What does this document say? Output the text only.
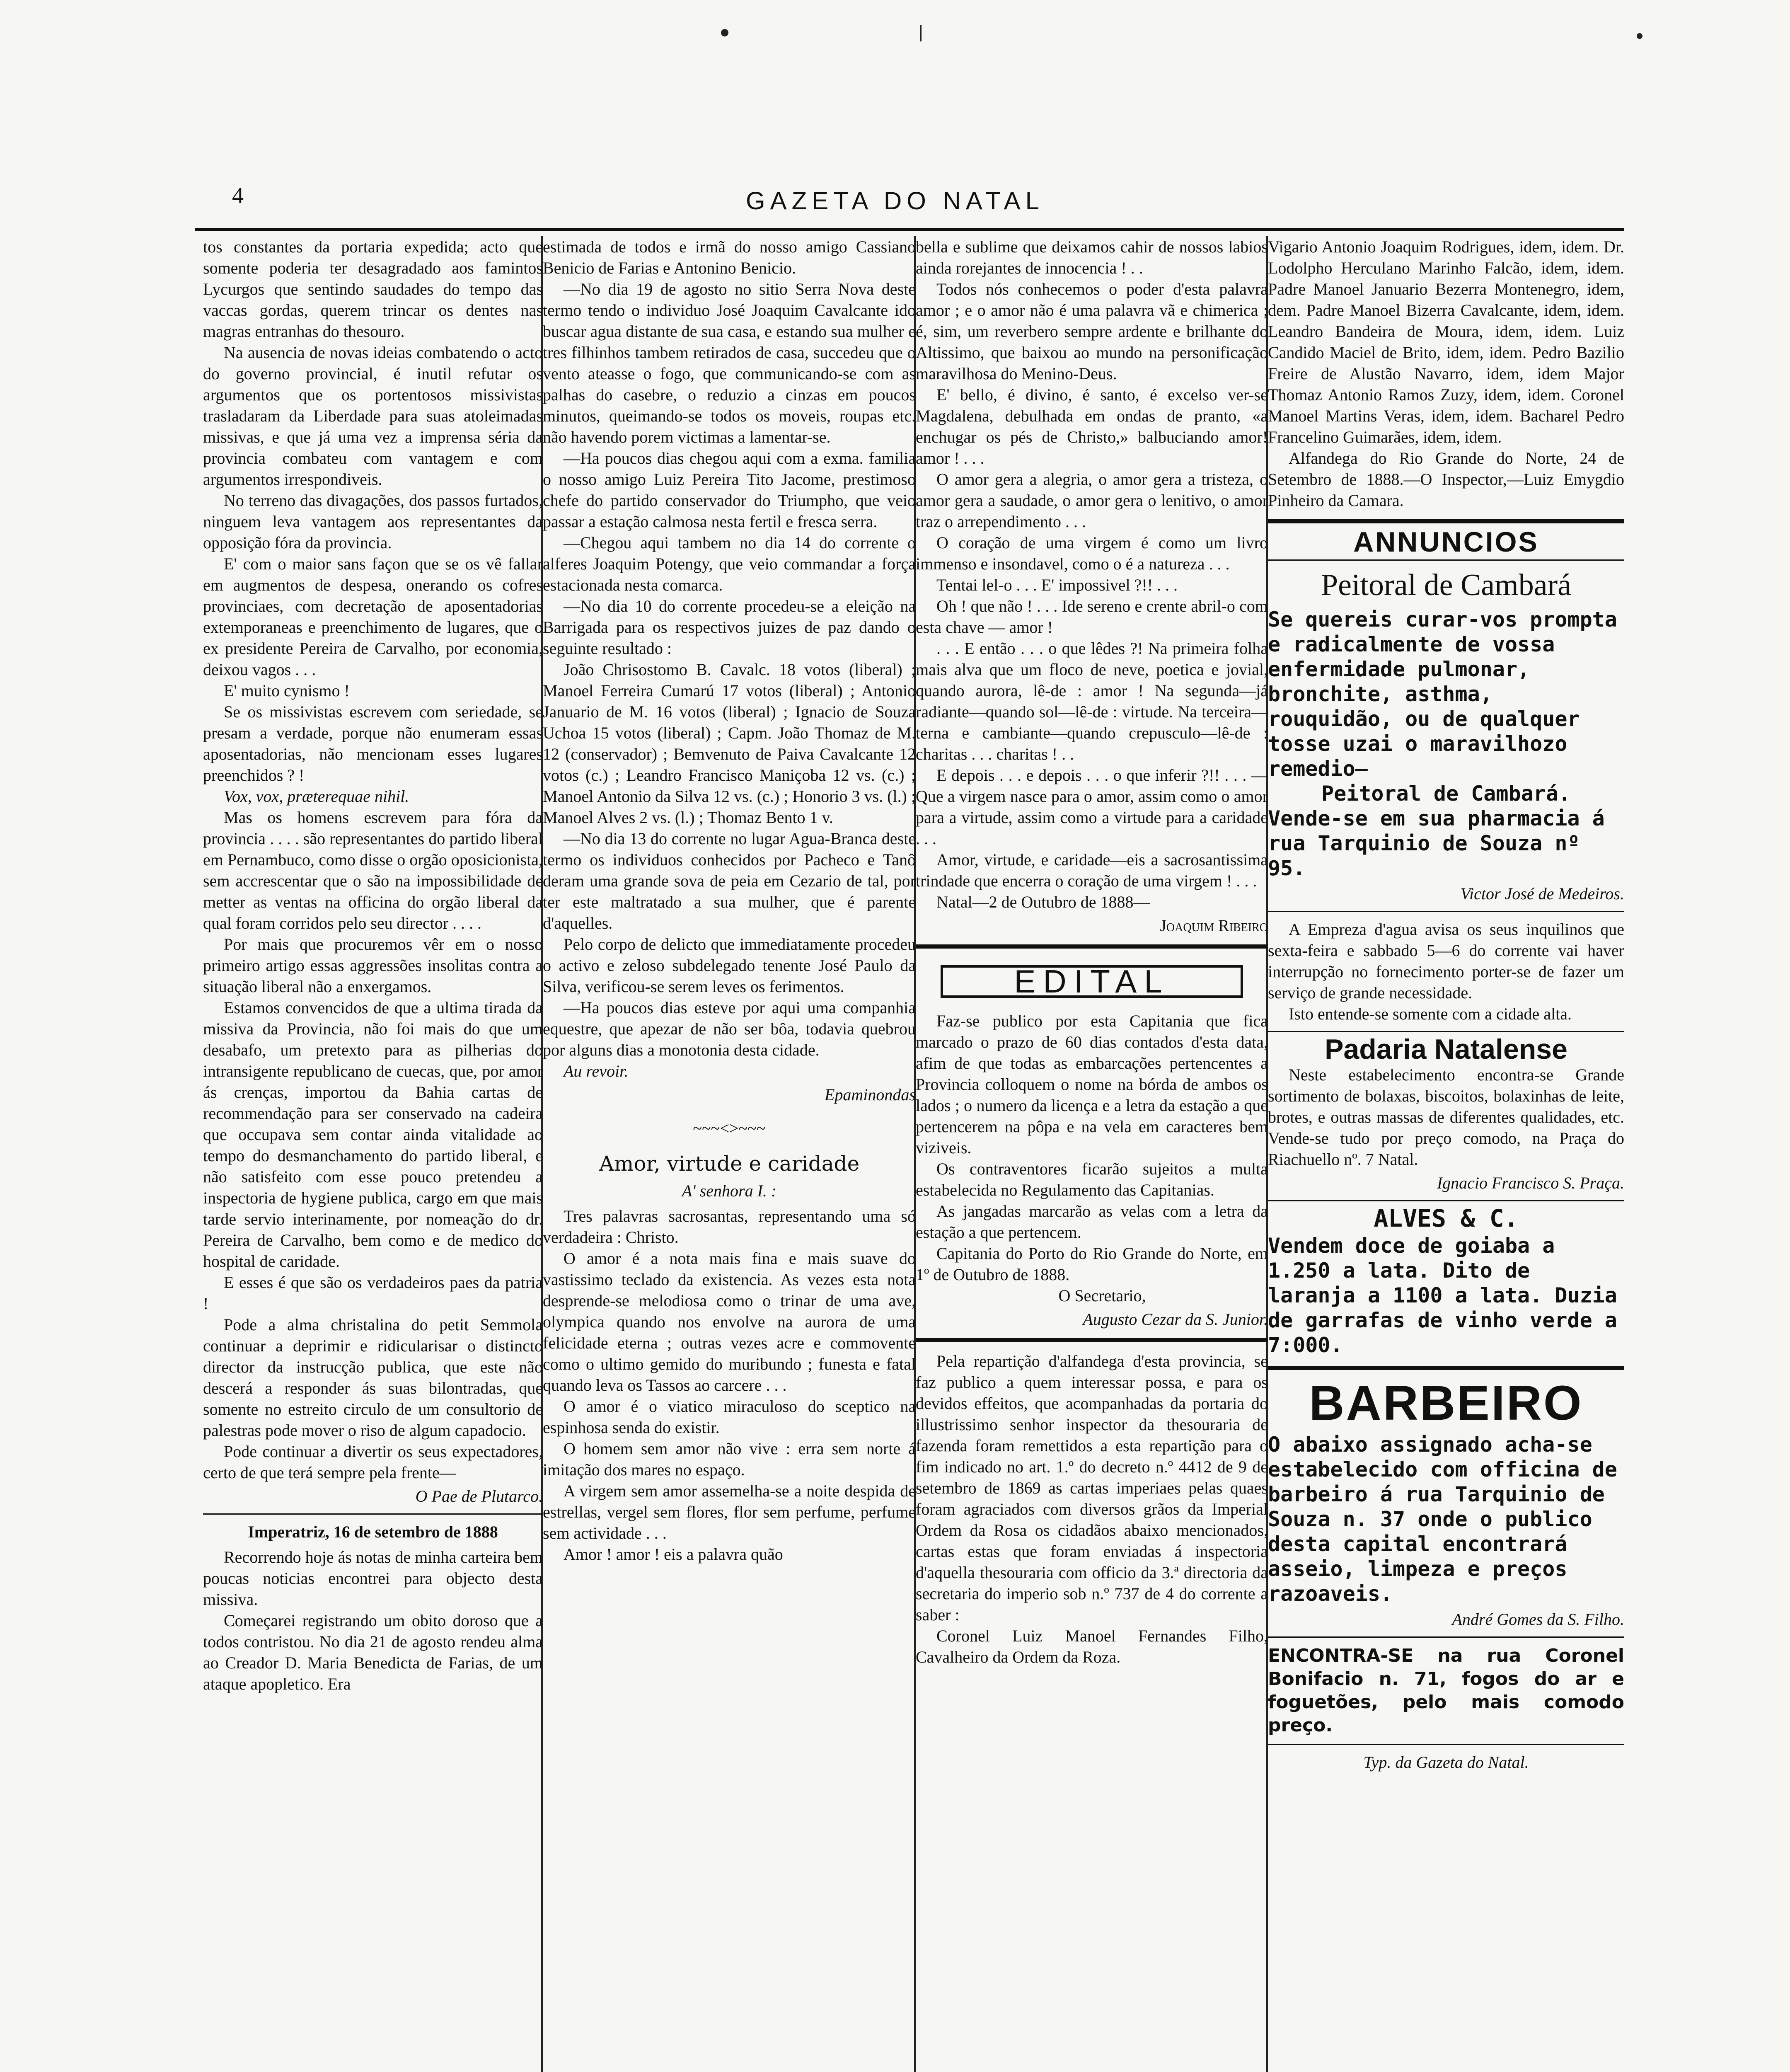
4	GAZETA DO NATAL

tos constantes da portaria expedida; acto que somente poderia ter desagradado aos famintos Lycurgos que sentindo saudades do tempo das vaccas gordas, querem trincar os dentes nas magras entranhas do thesouro.

Na ausencia de novas ideias combatendo o acto do governo provincial, é inutil refutar os argumentos que os portentosos missivistas trasladaram da Liberdade para suas atoleimadas missivas, e que já uma vez a imprensa séria da provincia combateu com vantagem e com argumentos irrespondiveis.

No terreno das divagações, dos passos furtados, ninguem leva vantagem aos representantes da opposição fóra da provincia.

E' com o maior sans façon que se os vê fallar em augmentos de despesa, onerando os cofres provinciaes, com decretação de aposentadorias extemporaneas e preenchimento de lugares, que o ex presidente Pereira de Carvalho, por economia, deixou vagos . . .

E' muito cynismo !

Se os missivistas escrevem com seriedade, se presam a verdade, porque não enumeram essas aposentadorias, não mencionam esses lugares preenchidos ? !

Vox, vox, præterequae nihil.

Mas os homens escrevem para fóra da provincia . . . . são representantes do partido liberal em Pernambuco, como disse o orgão oposicionista, sem accrescentar que o são na impossibilidade de metter as ventas na officina do orgão liberal da qual foram corridos pelo seu director . . . .

Por mais que procuremos vêr em o nosso primeiro artigo essas aggressões insolitas contra a situação liberal não a enxergamos.

Estamos convencidos de que a ultima tirada da missiva da Provincia, não foi mais do que um desabafo, um pretexto para as pilherias do intransigente republicano de cuecas, que, por amor ás crenças, importou da Bahia cartas de recommendação para ser conservado na cadeira que occupava sem contar ainda vitalidade ao tempo do desmanchamento do partido liberal, e não satisfeito com esse pouco pretendeu a inspectoria de hygiene publica, cargo em que mais tarde servio interinamente, por nomeação do dr. Pereira de Carvalho, bem como e de medico do hospital de caridade.

E esses é que são os verdadeiros paes da patria !

Pode a alma christalina do petit Semmola continuar a deprimir e ridicularisar o distincto director da instrucção publica, que este não descerá a responder ás suas bilontradas, que somente no estreito circulo de um consultorio de palestras pode mover o riso de algum capadocio.

Pode continuar a divertir os seus expectadores, certo de que terá sempre pela frente—

O Pae de Plutarco.
Imperatriz, 16 de setembro de 1888

Recorrendo hoje ás notas de minha carteira bem poucas noticias encontrei para objecto desta missiva.

Começarei registrando um obito doroso que a todos contristou. No dia 21 de agosto rendeu alma ao Creador D. Maria Benedicta de Farias, de um ataque apopletico. Era

estimada de todos e irmã do nosso amigo Cassiano Benicio de Farias e Antonino Benicio.

—No dia 19 de agosto no sitio Serra Nova deste termo tendo o individuo José Joaquim Cavalcante ido buscar agua distante de sua casa, e estando sua mulher e tres filhinhos tambem retirados de casa, succedeu que o vento ateasse o fogo, que communicando-se com as palhas do casebre, o reduzio a cinzas em poucos minutos, queimando-se todos os moveis, roupas etc. não havendo porem victimas a lamentar-se.

—Ha poucos dias chegou aqui com a exma. familia o nosso amigo Luiz Pereira Tito Jacome, prestimoso chefe do partido conservador do Triumpho, que veio passar a estação calmosa nesta fertil e fresca serra.

—Chegou aqui tambem no dia 14 do corrente o alferes Joaquim Potengy, que veio commandar a força estacionada nesta comarca.

—No dia 10 do corrente procedeu-se a eleição na Barrigada para os respectivos juizes de paz dando o seguinte resultado :

João Chrisostomo B. Cavalc. 18 votos (liberal) ; Manoel Ferreira Cumarú 17 votos (liberal) ; Antonio Januario de M. 16 votos (liberal) ; Ignacio de Souza Uchoa 15 votos (liberal) ; Capm. João Thomaz de M. 12 (conservador) ; Bemvenuto de Paiva Cavalcante 12 votos (c.) ; Leandro Francisco Maniçoba 12 vs. (c.) ; Manoel Antonio da Silva 12 vs. (c.) ; Honorio 3 vs. (l.) ; Manoel Alves 2 vs. (l.) ; Thomaz Bento 1 v.

—No dia 13 do corrente no lugar Agua-Branca deste termo os individuos conhecidos por Pacheco e Tanô deram uma grande sova de peia em Cezario de tal, por ter este maltratado a sua mulher, que é parente d'aquelles.

Pelo corpo de delicto que immediatamente procedeu o activo e zeloso subdelegado tenente José Paulo da Silva, verificou-se serem leves os ferimentos.

—Ha poucos dias esteve por aqui uma companhia equestre, que apezar de não ser bôa, todavia quebrou por alguns dias a monotonia desta cidade.

Au revoir.

Epaminondas
~~~<>~~~
Amor, virtude e caridade
A' senhora I. :

Tres palavras sacrosantas, representando uma só verdadeira : Christo.

O amor é a nota mais fina e mais suave do vastissimo teclado da existencia. As vezes esta nota desprende-se melodiosa como o trinar de uma ave, olympica quando nos envolve na aurora de uma felicidade eterna ; outras vezes acre e commovente como o ultimo gemido do muribundo ; funesta e fatal quando leva os Tassos ao carcere . . .

O amor é o viatico miraculoso do sceptico na espinhosa senda do existir.

O homem sem amor não vive : erra sem norte á imitação dos mares no espaço.

A virgem sem amor assemelha-se a noite despida de estrellas, vergel sem flores, flor sem perfume, perfume sem actividade . . .

Amor ! amor ! eis a palavra quão

bella e sublime que deixamos cahir de nossos labios ainda rorejantes de innocencia ! . .

Todos nós conhecemos o poder d'esta palavra amor ; e o amor não é uma palavra vã e chimerica ; é, sim, um reverbero sempre ardente e brilhante do Altissimo, que baixou ao mundo na personificação maravilhosa do Menino-Deus.

E' bello, é divino, é santo, é excelso ver-se Magdalena, debulhada em ondas de pranto, «a enchugar os pés de Christo,» balbuciando amor! amor ! . . .

O amor gera a alegria, o amor gera a tristeza, o amor gera a saudade, o amor gera o lenitivo, o amor traz o arrependimento . . .

O coração de uma virgem é como um livro immenso e insondavel, como o é a natureza . . .

Tentai lel-o . . . E' impossivel ?!! . . .

Oh ! que não ! . . . Ide sereno e crente abril-o com esta chave — amor !

. . . E então . . . o que lêdes ?! Na primeira folha mais alva que um floco de neve, poetica e jovial, quando aurora, lê-de : amor ! Na segunda—já radiante—quando sol—lê-de : virtude. Na terceira—terna e cambiante—quando crepusculo—lê-de : charitas . . . charitas ! . .

E depois . . . e depois . . . o que inferir ?!! . . . —Que a virgem nasce para o amor, assim como o amor para a virtude, assim como a virtude para a caridade . . .

Amor, virtude, e caridade—eis a sacrosantissima trindade que encerra o coração de uma virgem ! . . .

Natal—2 de Outubro de 1888—

Joaquim Ribeiro
EDITAL

Faz-se publico por esta Capitania que fica marcado o prazo de 60 dias contados d'esta data, afim de que todas as embarcações pertencentes a Provincia colloquem o nome na bórda de ambos os lados ; o numero da licença e a letra da estação a que pertencerem na pôpa e na vela em caracteres bem viziveis.

Os contraventores ficarão sujeitos a multa estabelecida no Regulamento das Capitanias.

As jangadas marcarão as velas com a letra da estação a que pertencem.

Capitania do Porto do Rio Grande do Norte, em 1º de Outubro de 1888.

O Secretario,

Augusto Cezar da S. Junior.

Pela repartição d'alfandega d'esta provincia, se faz publico a quem interessar possa, e para os devidos effeitos, que acompanhadas da portaria do illustrissimo senhor inspector da thesouraria de fazenda foram remettidos a esta repartição para o fim indicado no art. 1.º do decreto n.º 4412 de 9 de setembro de 1869 as cartas imperiaes pelas quaes foram agraciados com diversos grãos da Imperial Ordem da Rosa os cidadãos abaixo mencionados, cartas estas que foram enviadas á inspectoria d'aquella thesouraria com officio da 3.ª directoria da secretaria do imperio sob n.º 737 de 4 do corrente a saber :

Coronel Luiz Manoel Fernandes Filho, Cavalheiro da Ordem da Roza.

Vigario Antonio Joaquim Rodrigues, idem, idem. Dr. Lodolpho Herculano Marinho Falcão, idem, idem. Padre Manoel Januario Bezerra Montenegro, idem, dem. Padre Manoel Bizerra Cavalcante, idem, idem. Leandro Bandeira de Moura, idem, idem. Luiz Candido Maciel de Brito, idem, idem. Pedro Bazilio Freire de Alustão Navarro, idem, idem Major Thomaz Antonio Ramos Zuzy, idem, idem. Coronel Manoel Martins Veras, idem, idem. Bacharel Pedro Francelino Guimarães, idem, idem.

Alfandega do Rio Grande do Norte, 24 de Setembro de 1888.—O Inspector,—Luiz Emygdio Pinheiro da Camara.

ANNUNCIOS
Peitoral de Cambará
Se quereis curar-vos prompta e radicalmente de vossa enfermidade pulmonar, bronchite, asthma, rouquidão, ou de qualquer tosse uzai o maravilhozo remedio—
Peitoral de Cambará.
Vende-se em sua pharmacia á rua Tarquinio de Souza nº 95.
Victor José de Medeiros.

A Empreza d'agua avisa os seus inquilinos que sexta-feira e sabbado 5—6 do corrente vai haver interrupção no fornecimento porter-se de fazer um serviço de grande necessidade.

Isto entende-se somente com a cidade alta.

Padaria Natalense

Neste estabelecimento encontra-se Grande sortimento de bolaxas, biscoitos, bolaxinhas de leite, brotes, e outras massas de diferentes qualidades, etc. Vende-se tudo por preço comodo, na Praça do Riachuello nº. 7 Natal.

Ignacio Francisco S. Praça.
ALVES & C.
Vendem doce de goiaba a 1.250 a lata. Dito de laranja a 1100 a lata. Duzia de garrafas de vinho verde a 7:000.
BARBEIRO
O abaixo assignado acha-se estabelecido com officina de barbeiro á rua Tarquinio de Souza n. 37 onde o publico desta capital encontrará asseio, limpeza e preços razoaveis.
André Gomes da S. Filho.
ENCONTRA-SE na rua Coronel Bonifacio n. 71, fogos do ar e foguetões, pelo mais comodo preço.
Typ. da Gazeta do Natal.
